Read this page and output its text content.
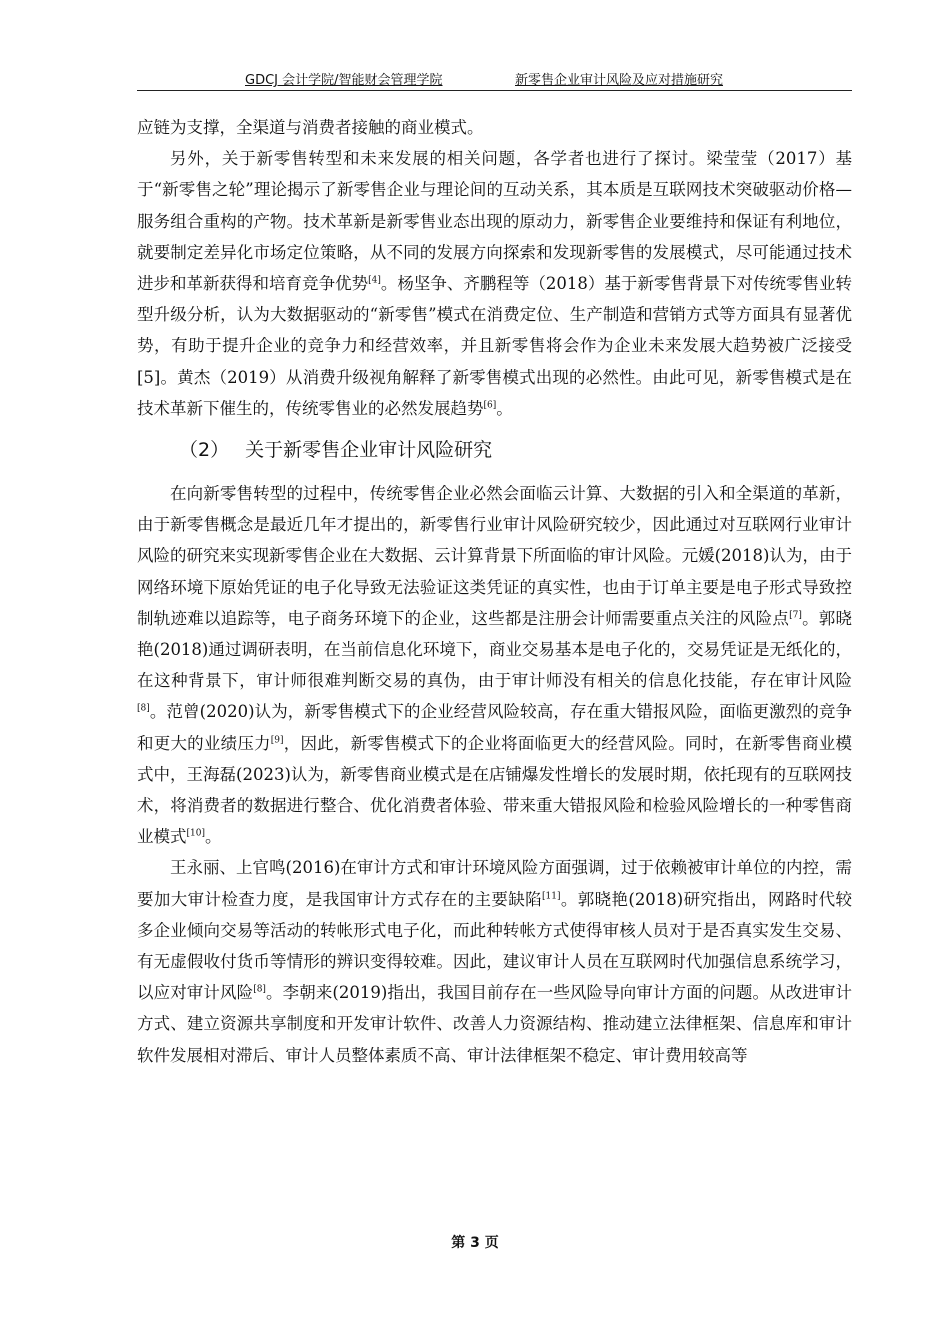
GDCJ 会计学院/智能财会管理学院	新零售企业审计风险及应对措施研究

应链为支撑，全渠道与消费者接触的商业模式。

另外，关于新零售转型和未来发展的相关问题，各学者也进行了探讨。梁莹莹（2017）基于“新零售之轮”理论揭示了新零售企业与理论间的互动关系，其本质是互联网技术突破驱动价格—服务组合重构的产物。技术革新是新零售业态出现的原动力，新零售企业要维持和保证有利地位，就要制定差异化市场定位策略，从不同的发展方向探索和发现新零售的发展模式，尽可能通过技术进步和革新获得和培育竞争优势[4]。杨坚争、齐鹏程等（2018）基于新零售背景下对传统零售业转型升级分析，认为大数据驱动的“新零售”模式在消费定位、生产制造和营销方式等方面具有显著优势，有助于提升企业的竞争力和经营效率，并且新零售将会作为企业未来发展大趋势被广泛接受[5]。黄杰（2019）从消费升级视角解释了新零售模式出现的必然性。由此可见，新零售模式是在技术革新下催生的，传统零售业的必然发展趋势[6]。

（2） 关于新零售企业审计风险研究

在向新零售转型的过程中，传统零售企业必然会面临云计算、大数据的引入和全渠道的革新，由于新零售概念是最近几年才提出的，新零售行业审计风险研究较少，因此通过对互联网行业审计风险的研究来实现新零售企业在大数据、云计算背景下所面临的审计风险。元媛(2018)认为，由于网络环境下原始凭证的电子化导致无法验证这类凭证的真实性，也由于订单主要是电子形式导致控制轨迹难以追踪等，电子商务环境下的企业，这些都是注册会计师需要重点关注的风险点[7]。郭晓艳(2018)通过调研表明，在当前信息化环境下，商业交易基本是电子化的，交易凭证是无纸化的，在这种背景下，审计师很难判断交易的真伪，由于审计师没有相关的信息化技能，存在审计风险[8]。范曾(2020)认为，新零售模式下的企业经营风险较高，存在重大错报风险，面临更激烈的竞争和更大的业绩压力[9]，因此，新零售模式下的企业将面临更大的经营风险。同时，在新零售商业模式中，王海磊(2023)认为，新零售商业模式是在店铺爆发性增长的发展时期，依托现有的互联网技术，将消费者的数据进行整合、优化消费者体验、带来重大错报风险和检验风险增长的一种零售商业模式[10]。

王永丽、上官鸣(2016)在审计方式和审计环境风险方面强调，过于依赖被审计单位的内控，需要加大审计检查力度，是我国审计方式存在的主要缺陷[11]。郭晓艳(2018)研究指出，网路时代较多企业倾向交易等活动的转帐形式电子化，而此种转帐方式使得审核人员对于是否真实发生交易、有无虚假收付货币等情形的辨识变得较难。因此，建议审计人员在互联网时代加强信息系统学习，以应对审计风险[8]。李朝来(2019)指出，我国目前存在一些风险导向审计方面的问题。从改进审计方式、建立资源共享制度和开发审计软件、改善人力资源结构、推动建立法律框架、信息库和审计软件发展相对滞后、审计人员整体素质不高、审计法律框架不稳定、审计费用较高等

第 3 页
